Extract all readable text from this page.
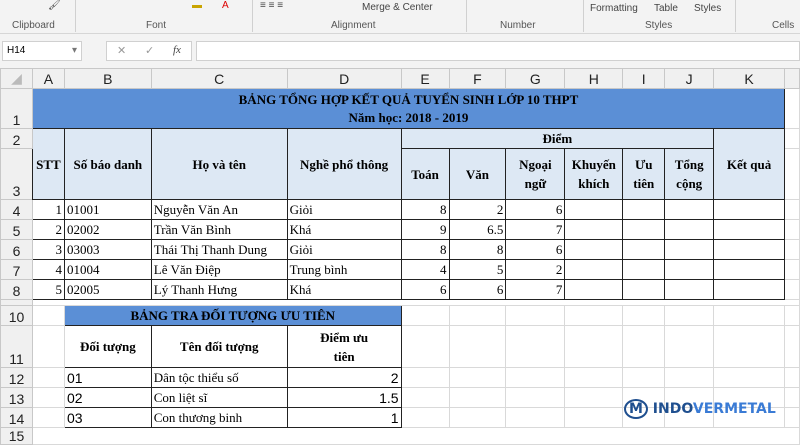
🖌	▬ A	≡ ≡ ≡	Merge & Center	Formatting Table Styles
Clipboard	Font	Alignment	Number	Styles	Cells
H14	▾	✕ ✓ fx
◢	A	B	C	D	E	F	G	H	I	J	K	
1	BẢNG TỔNG HỢP KẾT QUẢ TUYỂN SINH LỚP 10 THPT
Năm học: 2018 - 2019											

2	STT	Số báo danh	Họ và tên	Nghề phổ thông	Điểm						Kết quả	
3					Toán	Văn	Ngoại ngữ	Khuyến khích	Ưu tiên	Tổng cộng		
4	1	01001	Nguyễn Văn An	Giỏi	8	2	6					
5	2	02002	Trần Văn Bình	Khá	9	6.5	7					
6	3	03003	Thái Thị Thanh Dung	Giỏi	8	8	6					
7	4	01004	Lê Văn Điệp	Trung bình	4	5	2					
8	5	02005	Lý Thanh Hưng	Khá	6	6	7					

10		BẢNG TRA ĐỐI TƯỢNG ƯU TIÊN										
11		Đối tượng	Tên đối tượng	Điểm ưu tiên								
12		01	Dân tộc thiểu số	2								
13		02	Con liệt sĩ	1.5								
14		03	Con thương binh	1								
15												
M INDOVERMETAL
